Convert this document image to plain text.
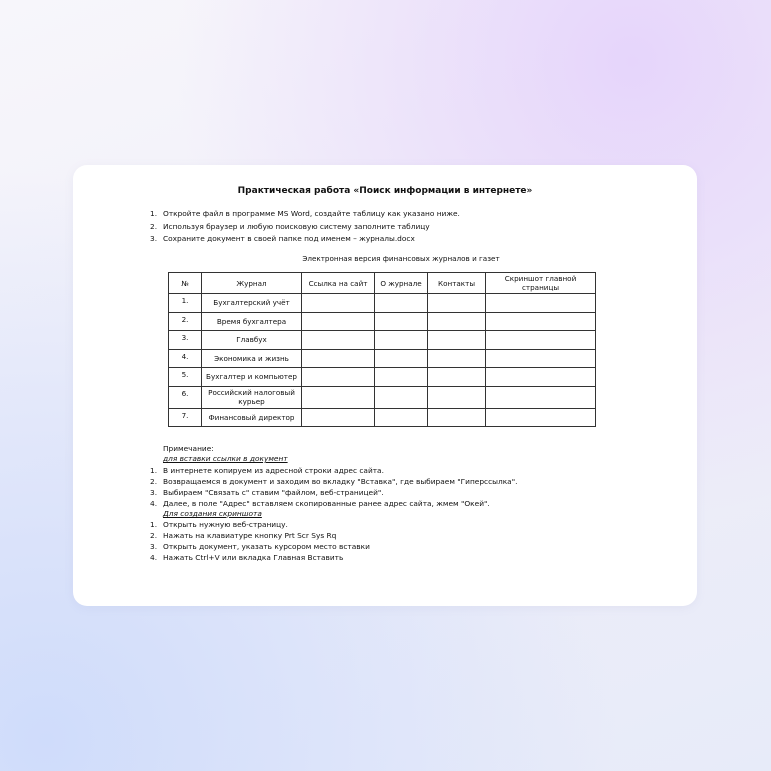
Практическая работа «Поиск информации в интернете»
1. Откройте файл в программе MS Word, создайте таблицу как указано ниже.
2. Используя браузер и любую поисковую систему заполните таблицу
3. Сохраните документ в своей папке под именем – журналы.docx
Электронная версия финансовых журналов и газет
№	Журнал	Ссылка на сайт	О журнале	Контакты	Скриншот главной страницы
1.	Бухгалтерский учёт				
2.	Время бухгалтера				
3.	Главбух				
4.	Экономика и жизнь				
5.	Бухгалтер и компьютер				
6.	Российский налоговый курьер				
7.	Финансовый директор				
Примечание:
для вставки ссылки в документ
1. В интернете копируем из адресной строки адрес сайта.
2. Возвращаемся в документ и заходим во вкладку "Вставка", где выбираем "Гиперссылка".
3. Выбираем "Связать с" ставим "файлом, веб-страницей".
4. Далее, в поле "Адрес" вставляем скопированные ранее адрес сайта, жмем "Окей".
Для создания скриншота
1. Открыть нужную веб-страницу.
2. Нажать на клавиатуре кнопку Prt Scr Sys Rq
3. Открыть документ, указать курсором место вставки
4. Нажать Ctrl+V или вкладка Главная Вставить
